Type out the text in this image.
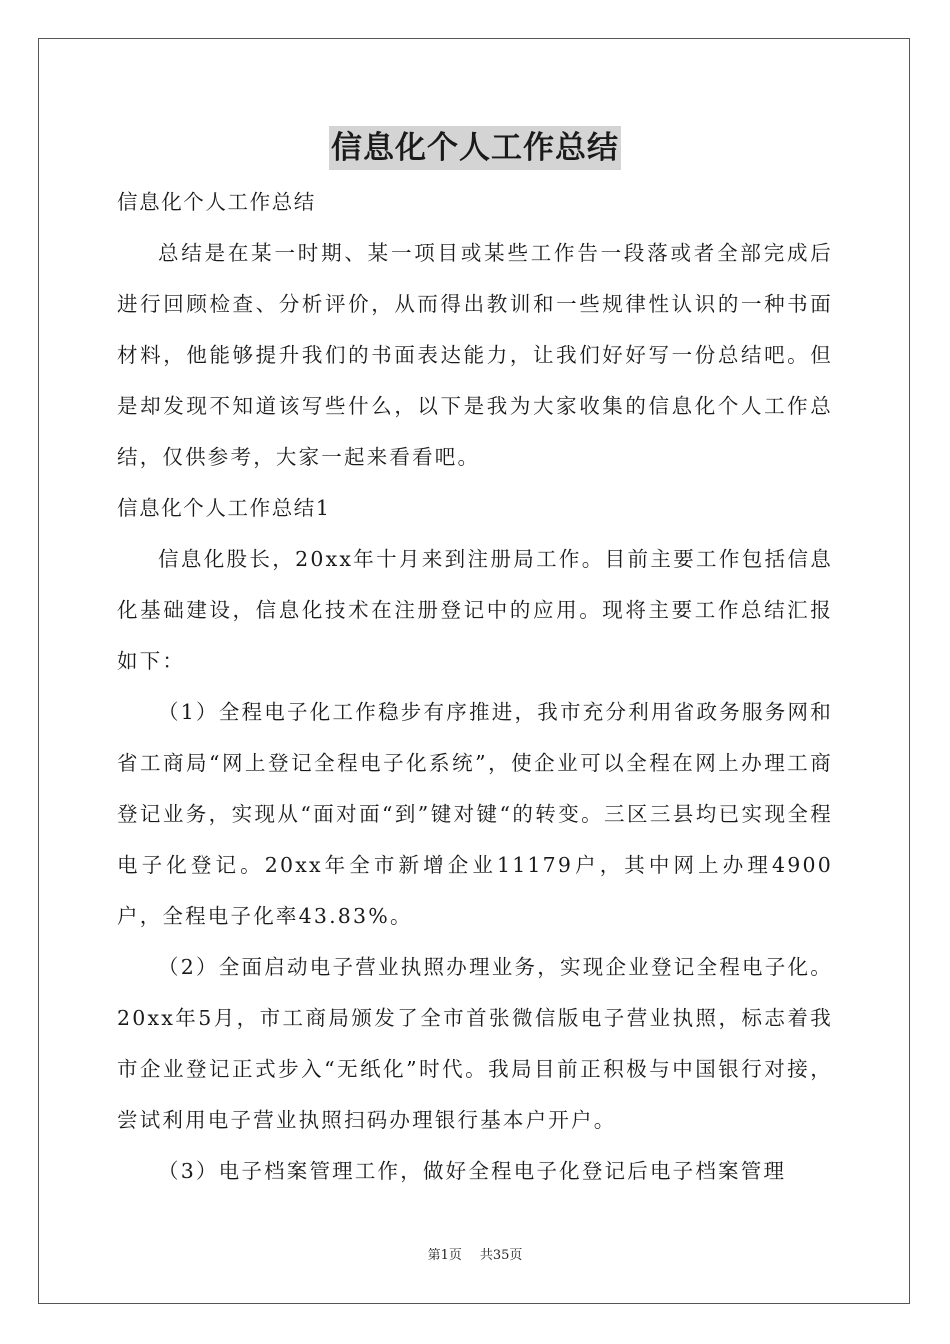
信息化个人工作总结

信息化个人工作总结

总结是在某一时期、某一项目或某些工作告一段落或者全部完成后进行回顾检查、分析评价，从而得出教训和一些规律性认识的一种书面材料，他能够提升我们的书面表达能力，让我们好好写一份总结吧。但是却发现不知道该写些什么，以下是我为大家收集的信息化个人工作总结，仅供参考，大家一起来看看吧。

信息化个人工作总结1

信息化股长，20xx年十月来到注册局工作。目前主要工作包括信息化基础建设，信息化技术在注册登记中的应用。现将主要工作总结汇报如下：

（1）全程电子化工作稳步有序推进，我市充分利用省政务服务网和省工商局“网上登记全程电子化系统”，使企业可以全程在网上办理工商登记业务，实现从“面对面“到”键对键“的转变。三区三县均已实现全程电子化登记。20xx年全市新增企业11179户，其中网上办理4900户，全程电子化率43.83%。

（2）全面启动电子营业执照办理业务，实现企业登记全程电子化。20xx年5月，市工商局颁发了全市首张微信版电子营业执照，标志着我市企业登记正式步入“无纸化”时代。我局目前正积极与中国银行对接，尝试利用电子营业执照扫码办理银行基本户开户。

（3）电子档案管理工作，做好全程电子化登记后电子档案管理

第1页 共35页
